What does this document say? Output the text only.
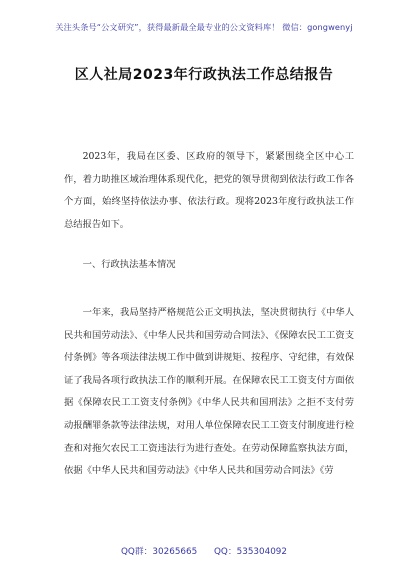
关注头条号“公文研究”，获得最新最全最专业的公文资料库！ 微信：gongwenyj
区人社局2023年行政执法工作总结报告

2023年，我局在区委、区政府的领导下，紧紧围绕全区中心工作，着力助推区域治理体系现代化，把党的领导贯彻到依法行政工作各个方面，始终坚持依法办事、依法行政。现将2023年度行政执法工作总结报告如下。

一、行政执法基本情况

一年来，我局坚持严格规范公正文明执法，坚决贯彻执行《中华人民共和国劳动法》、《中华人民共和国劳动合同法》、《保障农民工工资支付条例》等各项法律法规工作中做到讲规矩、按程序、守纪律，有效保证了我局各项行政执法工作的顺利开展。在保障农民工工资支付方面依据《保障农民工工资支付条例》《中华人民共和国刑法》之拒不支付劳动报酬罪条款等法律法规，对用人单位保障农民工工资支付制度进行检查和对拖欠农民工工资违法行为进行查处。在劳动保障监察执法方面，依据《中华人民共和国劳动法》《中华人民共和国劳动合同法》《劳

QQ群：30265665 QQ：535304092
